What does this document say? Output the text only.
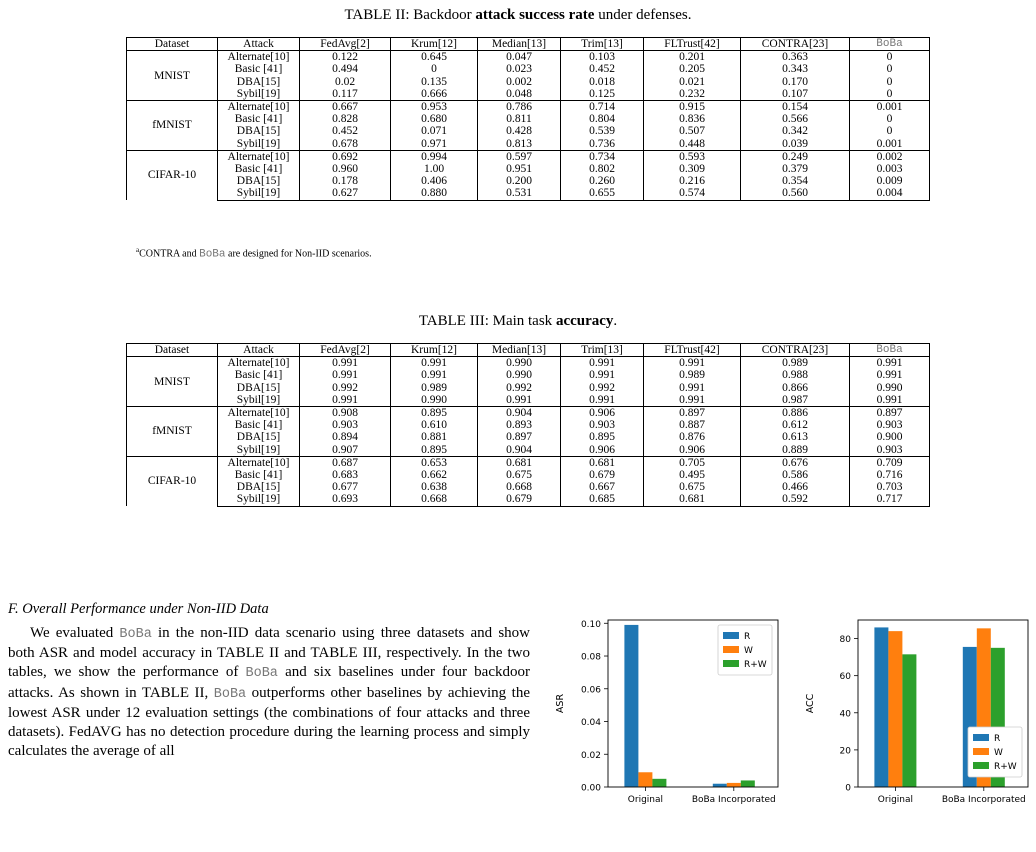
TABLE II: Backdoor attack success rate under defenses.
Dataset	Attack	FedAvg[2]	Krum[12]	Median[13]	Trim[13]	FLTrust[42]	CONTRA[23]	BoBa
MNIST	Alternate[10]	0.122	0.645	0.047	0.103	0.201	0.363	0
	Basic [41]	0.494	0	0.023	0.452	0.205	0.343	0
	DBA[15]	0.02	0.135	0.002	0.018	0.021	0.170	0
	Sybil[19]	0.117	0.666	0.048	0.125	0.232	0.107	0
fMNIST	Alternate[10]	0.667	0.953	0.786	0.714	0.915	0.154	0.001
	Basic [41]	0.828	0.680	0.811	0.804	0.836	0.566	0
	DBA[15]	0.452	0.071	0.428	0.539	0.507	0.342	0
	Sybil[19]	0.678	0.971	0.813	0.736	0.448	0.039	0.001
CIFAR-10	Alternate[10]	0.692	0.994	0.597	0.734	0.593	0.249	0.002
	Basic [41]	0.960	1.00	0.951	0.802	0.309	0.379	0.003
	DBA[15]	0.178	0.406	0.200	0.260	0.216	0.354	0.009
	Sybil[19]	0.627	0.880	0.531	0.655	0.574	0.560	0.004
$^a$CONTRA and BoBa are designed for Non-IID scenarios.
TABLE III: Main task accuracy.
Dataset	Attack	FedAvg[2]	Krum[12]	Median[13]	Trim[13]	FLTrust[42]	CONTRA[23]	BoBa
MNIST	Alternate[10]	0.991	0.991	0.990	0.991	0.991	0.989	0.991
	Basic [41]	0.991	0.991	0.990	0.991	0.989	0.988	0.991
	DBA[15]	0.992	0.989	0.992	0.992	0.991	0.866	0.990
	Sybil[19]	0.991	0.990	0.991	0.991	0.991	0.987	0.991
fMNIST	Alternate[10]	0.908	0.895	0.904	0.906	0.897	0.886	0.897
	Basic [41]	0.903	0.610	0.893	0.903	0.887	0.612	0.903
	DBA[15]	0.894	0.881	0.897	0.895	0.876	0.613	0.900
	Sybil[19]	0.907	0.895	0.904	0.906	0.906	0.889	0.903
CIFAR-10	Alternate[10]	0.687	0.653	0.681	0.681	0.705	0.676	0.709
	Basic [41]	0.683	0.662	0.675	0.679	0.495	0.586	0.716
	DBA[15]	0.677	0.638	0.668	0.667	0.675	0.466	0.703
	Sybil[19]	0.693	0.668	0.679	0.685	0.681	0.592	0.717
F. Overall Performance under Non-IID Data

We evaluated BoBa in the non-IID data scenario using three datasets and show both ASR and model accuracy in TABLE II and TABLE III, respectively. In the two tables, we show the performance of BoBa and six baselines under four backdoor attacks. As shown in TABLE II, BoBa outperforms other baselines by achieving the lowest ASR under 12 evaluation settings (the combinations of four attacks and three datasets). FedAVG has no detection procedure during the learning process and simply calculates the average of all

0.00
0.02
0.04
0.06
0.08
0.10
ASR
Original	BoBa Incorporated
R
W
R+W
0
20
40
60
80
ACC
Original	BoBa Incorporated
R
W
R+W
